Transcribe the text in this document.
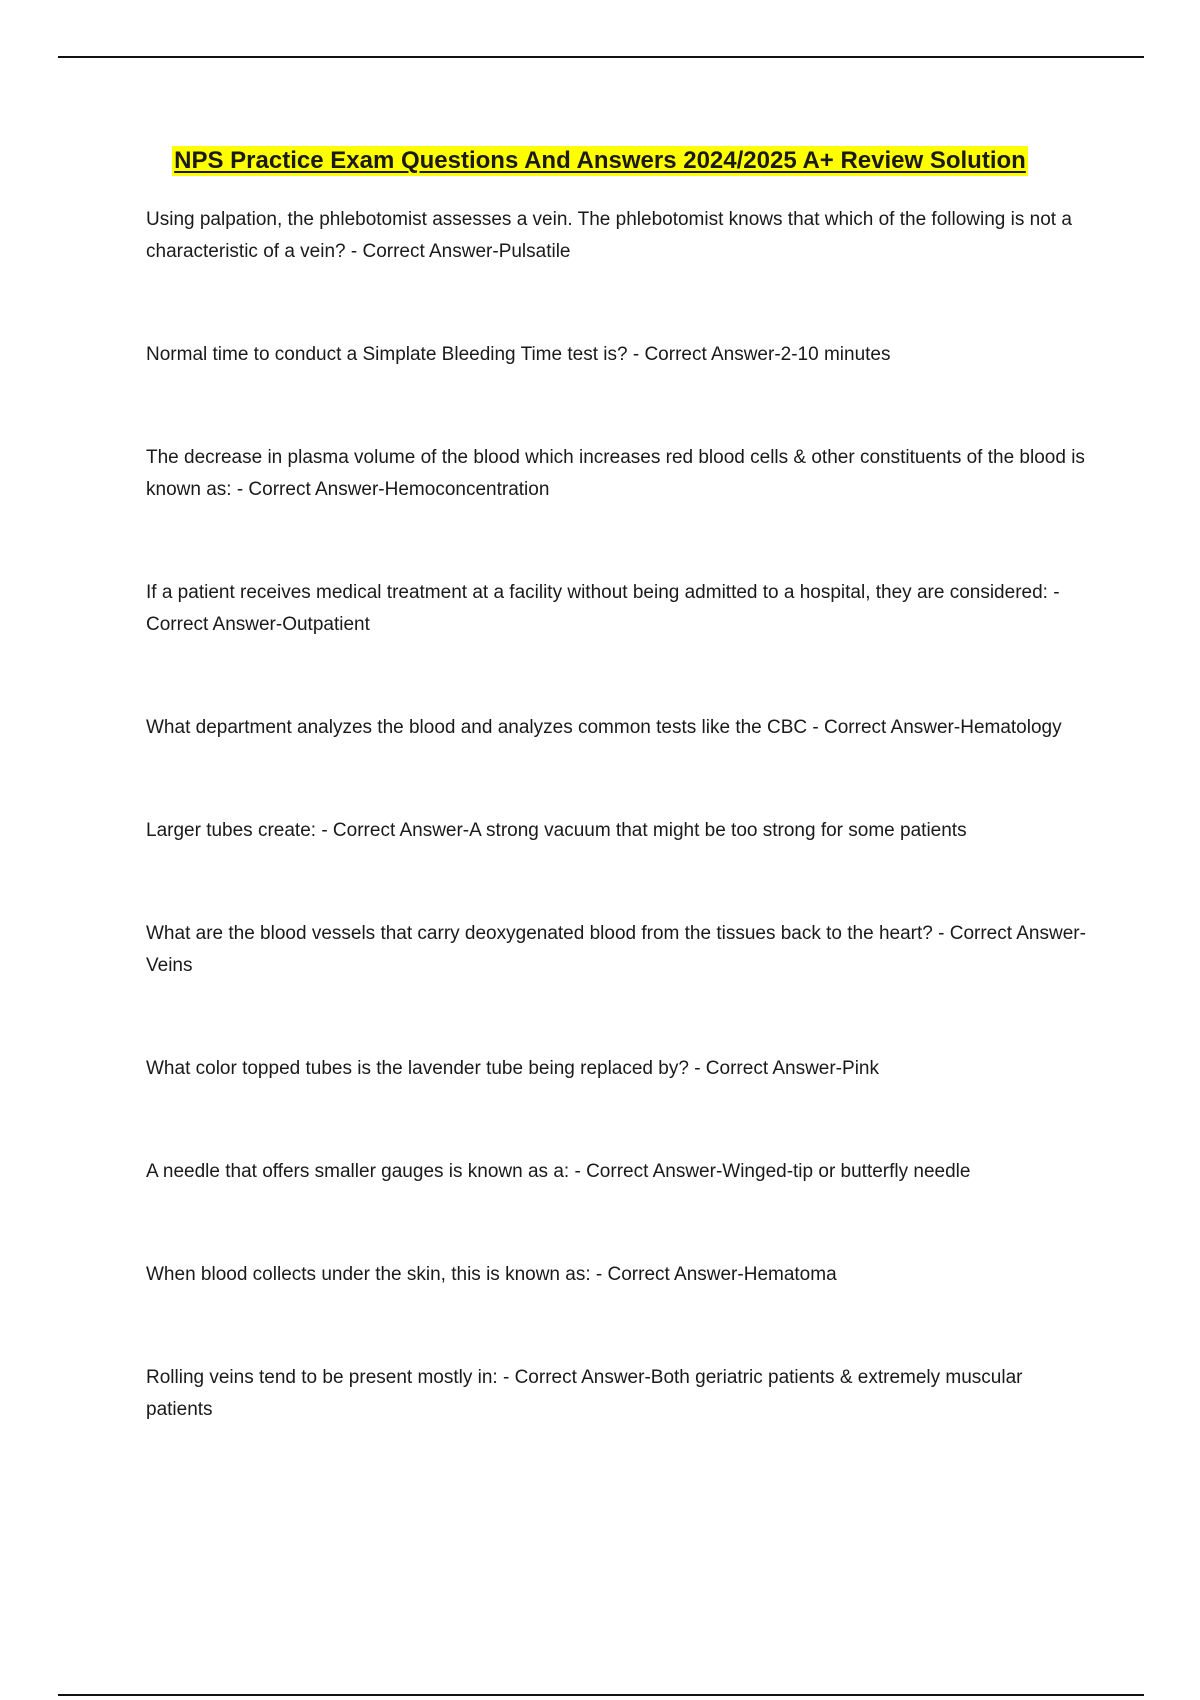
NPS Practice Exam Questions And Answers 2024/2025 A+ Review Solution
Using palpation, the phlebotomist assesses a vein. The phlebotomist knows that which of the following is not a characteristic of a vein? - Correct Answer-Pulsatile
Normal time to conduct a Simplate Bleeding Time test is? - Correct Answer-2-10 minutes
The decrease in plasma volume of the blood which increases red blood cells & other constituents of the blood is known as: - Correct Answer-Hemoconcentration
If a patient receives medical treatment at a facility without being admitted to a hospital, they are considered: - Correct Answer-Outpatient
What department analyzes the blood and analyzes common tests like the CBC - Correct Answer-Hematology
Larger tubes create: - Correct Answer-A strong vacuum that might be too strong for some patients
What are the blood vessels that carry deoxygenated blood from the tissues back to the heart? - Correct Answer-Veins
What color topped tubes is the lavender tube being replaced by? - Correct Answer-Pink
A needle that offers smaller gauges is known as a: - Correct Answer-Winged-tip or butterfly needle
When blood collects under the skin, this is known as: - Correct Answer-Hematoma
Rolling veins tend to be present mostly in: - Correct Answer-Both geriatric patients & extremely muscular patients
